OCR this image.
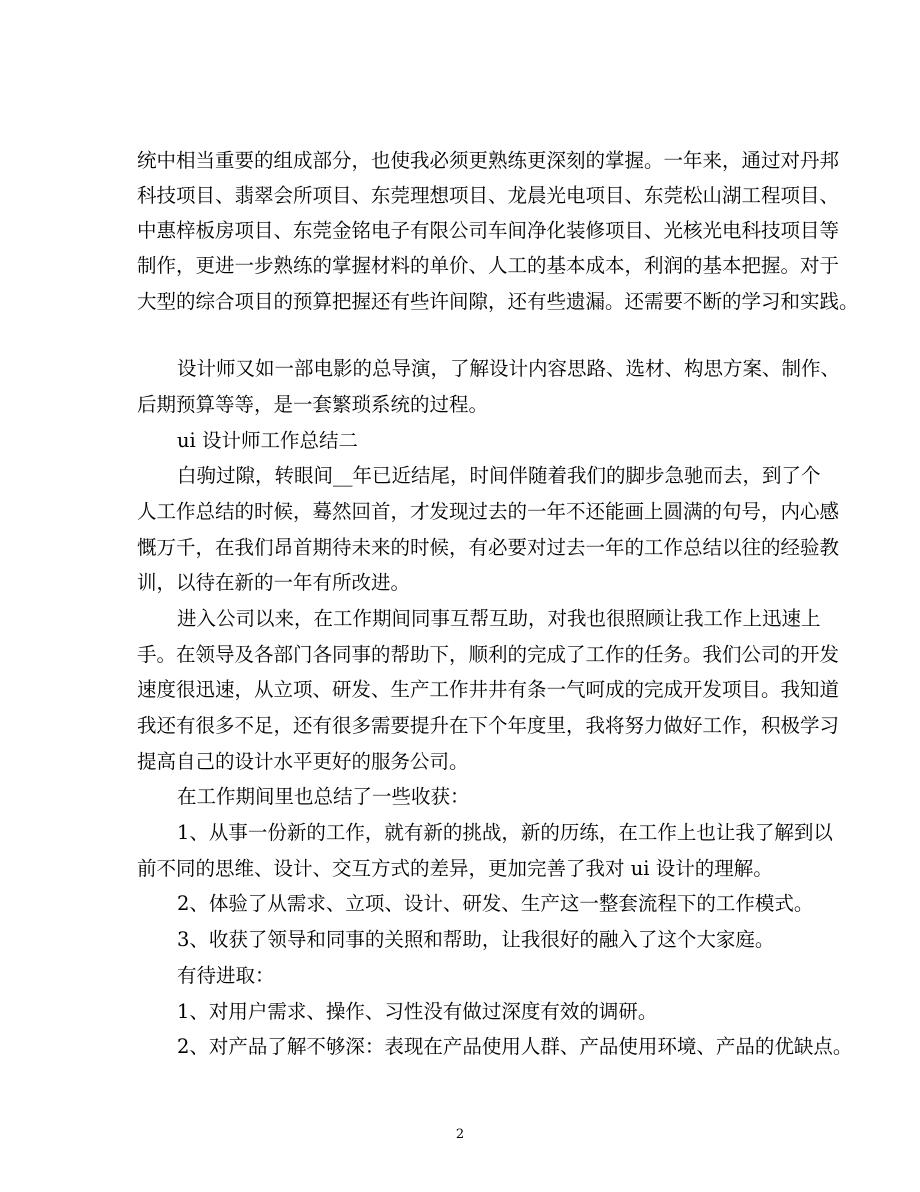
统中相当重要的组成部分，也使我必须更熟练更深刻的掌握。一年来，通过对丹邦
科技项目、翡翠会所项目、东莞理想项目、龙晨光电项目、东莞松山湖工程项目、
中惠梓板房项目、东莞金铭电子有限公司车间净化装修项目、光核光电科技项目等
制作，更进一步熟练的掌握材料的单价、人工的基本成本，利润的基本把握。对于
大型的综合项目的预算把握还有些许间隙，还有些遗漏。还需要不断的学习和实践。
设计师又如一部电影的总导演，了解设计内容思路、选材、构思方案、制作、
后期预算等等，是一套繁琐系统的过程。
ui 设计师工作总结二
白驹过隙，转眼间__年已近结尾，时间伴随着我们的脚步急驰而去，到了个
人工作总结的时候，蓦然回首，才发现过去的一年不还能画上圆满的句号，内心感
慨万千，在我们昂首期待未来的时候，有必要对过去一年的工作总结以往的经验教
训，以待在新的一年有所改进。
进入公司以来，在工作期间同事互帮互助，对我也很照顾让我工作上迅速上
手。在领导及各部门各同事的帮助下，顺利的完成了工作的任务。我们公司的开发
速度很迅速，从立项、研发、生产工作井井有条一气呵成的完成开发项目。我知道
我还有很多不足，还有很多需要提升在下个年度里，我将努力做好工作，积极学习
提高自己的设计水平更好的服务公司。
在工作期间里也总结了一些收获：
1、从事一份新的工作，就有新的挑战，新的历练，在工作上也让我了解到以
前不同的思维、设计、交互方式的差异，更加完善了我对 ui 设计的理解。
2、体验了从需求、立项、设计、研发、生产这一整套流程下的工作模式。
3、收获了领导和同事的关照和帮助，让我很好的融入了这个大家庭。
有待进取：
1、对用户需求、操作、习性没有做过深度有效的调研。
2、对产品了解不够深：表现在产品使用人群、产品使用环境、产品的优缺点。
2
